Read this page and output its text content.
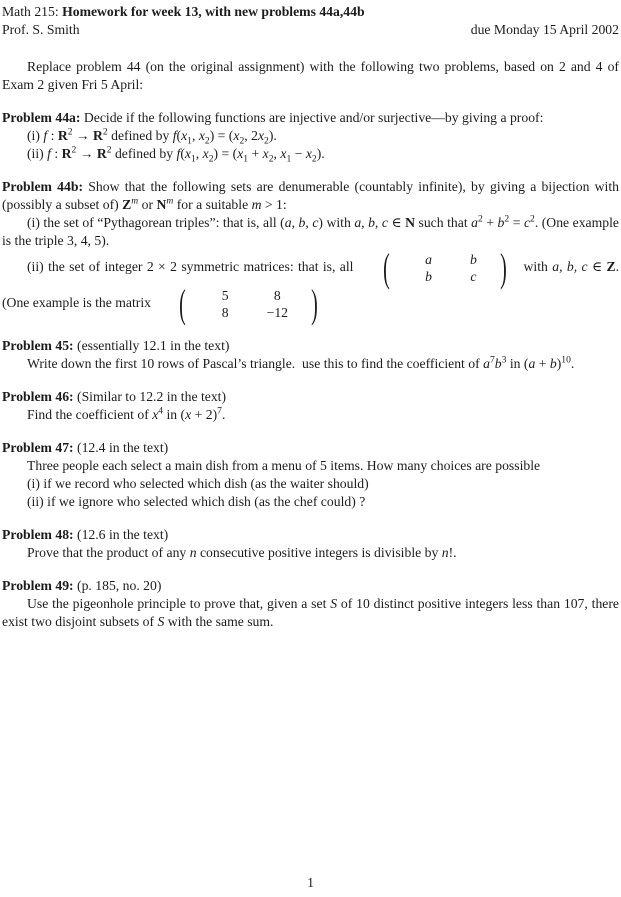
Math 215: Homework for week 13, with new problems 44a,44b
Prof. S. Smith	due Monday 15 April 2002
Replace problem 44 (on the original assignment) with the following two problems, based on 2 and 4 of Exam 2 given Fri 5 April:
Problem 44a: Decide if the following functions are injective and/or surjective—by giving a proof:
(i) f : $R^2 \to R^2$ defined by $f(x_1$, $x_2) = (x_2$, $2x_2$).
(ii) f : $R^2 \to R^2$ defined by $f(x_1$, $x_2) = (x_1 + x_2$, $x_1 - x_2$).
Problem 44b: Show that the following sets are denumerable (countably infinite), by giving a bijection with (possibly a subset of) $Z^m$ or $N^m$ for a suitable m > 1:
(i) the set of “Pythagorean triples”: that is, all (a, b, c) with a, b, c ∈ N such that $a^2 + b^2 = c^2$. (One example is the triple 3, 4, 5).
(ii) the set of integer 2 × 2 symmetric matrices: that is, all (	a	b
b	c ) with a, b, c ∈ Z. (One example is the matrix (	5	8
8	−12 )
Problem 45: (essentially 12.1 in the text)
Write down the first 10 rows of Pascal’s triangle. use this to find the coefficient of $a^7b^3$ in $(a + b)^{10}$.
Problem 46: (Similar to 12.2 in the text)
Find the coefficient of $x^4$ in $(x + 2)^7$.
Problem 47: (12.4 in the text)
Three people each select a main dish from a menu of 5 items. How many choices are possible
(i) if we record who selected which dish (as the waiter should)
(ii) if we ignore who selected which dish (as the chef could) ?
Problem 48: (12.6 in the text)
Prove that the product of any n consecutive positive integers is divisible by n!.
Problem 49: (p. 185, no. 20)
Use the pigeonhole principle to prove that, given a set S of 10 distinct positive integers less than 107, there exist two disjoint subsets of S with the same sum.
1
